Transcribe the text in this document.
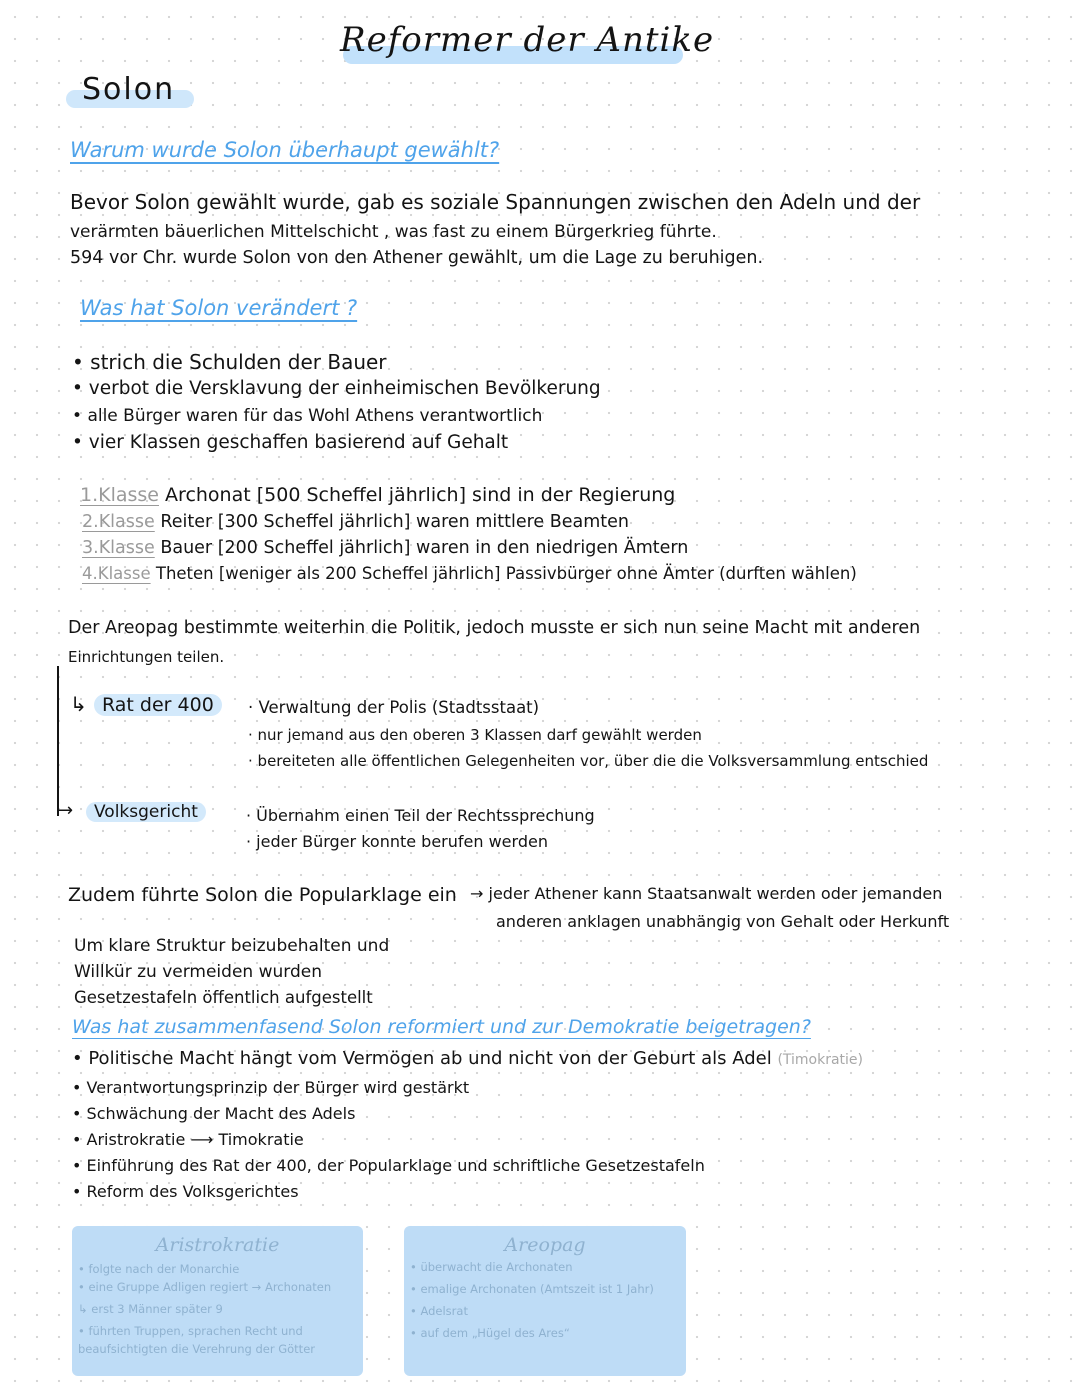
Reformer der Antike
Solon
Warum wurde Solon überhaupt gewählt?
Bevor Solon gewählt wurde, gab es soziale Spannungen zwischen den Adeln und der
verärmten bäuerlichen Mittelschicht , was fast zu einem Bürgerkrieg führte.
594 vor Chr. wurde Solon von den Athener gewählt, um die Lage zu beruhigen.
Was hat Solon verändert ?
• strich die Schulden der Bauer
• verbot die Versklavung der einheimischen Bevölkerung
• alle Bürger waren für das Wohl Athens verantwortlich
• vier Klassen geschaffen basierend auf Gehalt
1.Klasse Archonat [500 Scheffel jährlich] sind in der Regierung
2.Klasse Reiter [300 Scheffel jährlich] waren mittlere Beamten
3.Klasse Bauer [200 Scheffel jährlich] waren in den niedrigen Ämtern
4.Klasse Theten [weniger als 200 Scheffel jährlich] Passivbürger ohne Ämter (durften wählen)
Der Areopag bestimmte weiterhin die Politik, jedoch musste er sich nun seine Macht mit anderen
Einrichtungen teilen.
↳ Rat der 400	· Verwaltung der Polis (Stadtsstaat)
· nur jemand aus den oberen 3 Klassen darf gewählt werden
· bereiteten alle öffentlichen Gelegenheiten vor, über die die Volksversammlung entschied
→	Volksgericht	· Übernahm einen Teil der Rechtssprechung
· jeder Bürger konnte berufen werden
Zudem führte Solon die Popularklage ein → jeder Athener kann Staatsanwalt werden oder jemanden
anderen anklagen unabhängig von Gehalt oder Herkunft
Um klare Struktur beizubehalten und
Willkür zu vermeiden wurden
Gesetzestafeln öffentlich aufgestellt
Was hat zusammenfasend Solon reformiert und zur Demokratie beigetragen?
• Politische Macht hängt vom Vermögen ab und nicht von der Geburt als Adel (Timokratie)
• Verantwortungsprinzip der Bürger wird gestärkt
• Schwächung der Macht des Adels
• Aristrokratie ⟶ Timokratie
• Einführung des Rat der 400, der Popularklage und schriftliche Gesetzestafeln
• Reform des Volksgerichtes
Aristrokratie
• folgte nach der Monarchie
• eine Gruppe Adligen regiert → Archonaten
↳ erst 3 Männer später 9
• führten Truppen, sprachen Recht und
beaufsichtigten die Verehrung der Götter
Areopag
• überwacht die Archonaten
• emalige Archonaten (Amtszeit ist 1 Jahr)
• Adelsrat
• auf dem „Hügel des Ares“
